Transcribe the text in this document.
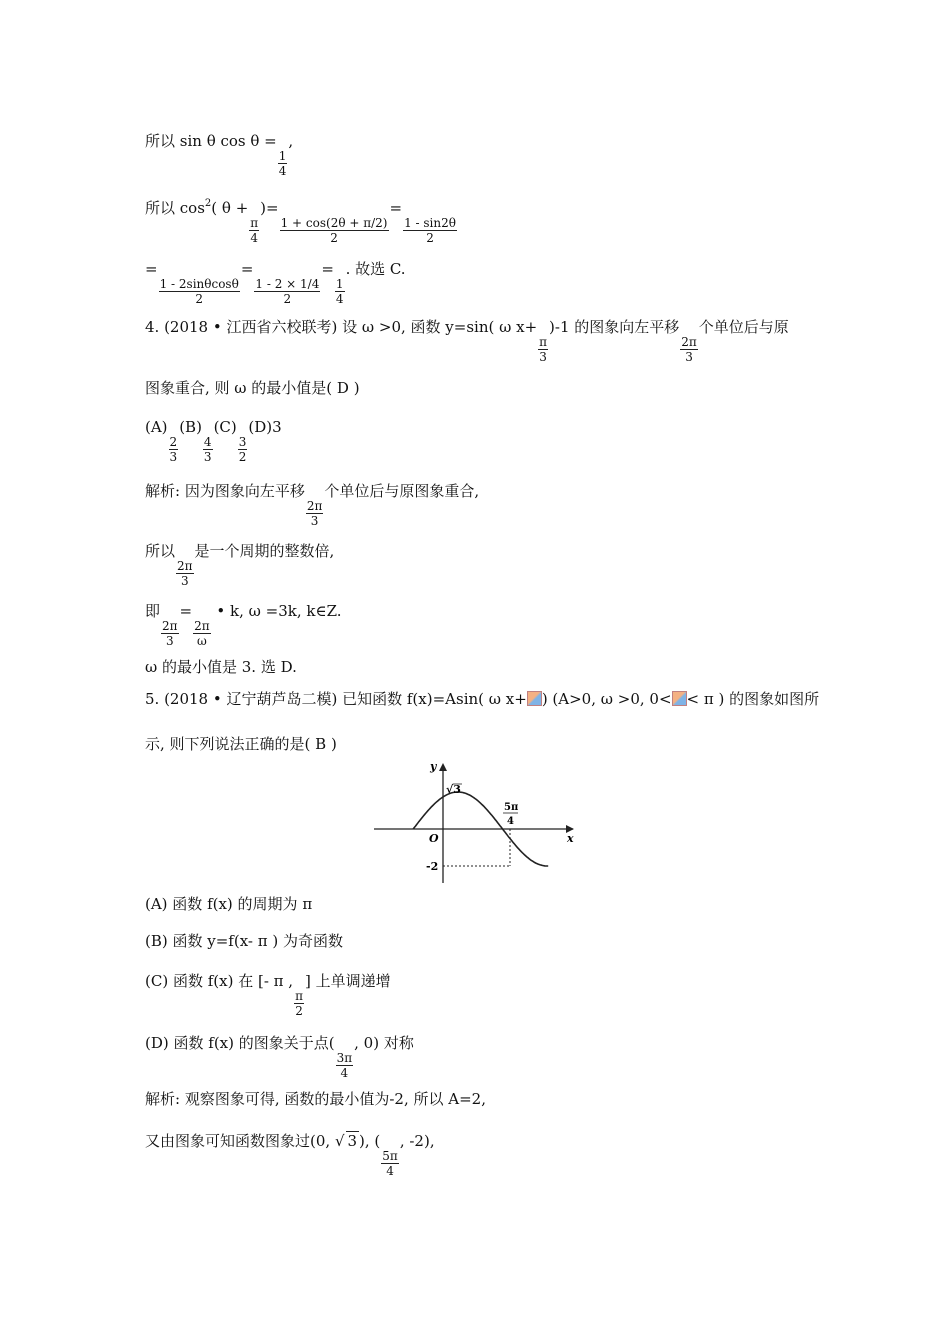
所以 sin θ cos θ =
$\frac{1}{4}$
,
所以 $\cos^2$( θ +
$\frac{\pi}{4}$
)=
$\frac{1 + \cos(2\theta + \pi/2)}{2}$
=
$\frac{1 - \sin 2\theta}{2}$
=
$\frac{1 - 2\sin\theta\cos\theta}{2}$
=
$\frac{1 - 2 \times 1/4}{2}$
=
$\frac{1}{4}$
. 故选 C.
4. (2018 • 江西省六校联考) 设 ω >0, 函数 y=sin( ω x+
$\frac{\pi}{3}$
)-1 的图象向左平移
$\frac{2\pi}{3}$
个单位后与原
图象重合, 则 ω 的最小值是( D )
(A)
$\frac{2}{3}$
(B)
$\frac{4}{3}$
(C)
$\frac{3}{2}$
(D)3
解析: 因为图象向左平移
$\frac{2\pi}{3}$
个单位后与原图象重合,
所以
$\frac{2\pi}{3}$
是一个周期的整数倍,
即
$\frac{2\pi}{3}$
=
$\frac{2\pi}{\omega}$
• k, ω =3k, k∈Z.
ω 的最小值是 3. 选 D.
5. (2018 • 辽宁葫芦岛二模) 已知函数 f(x)=Asin( ω x+ ) (A>0, ω >0, 0< < π ) 的图象如图所
示, 则下列说法正确的是( B )
y
x
O
√3
5π
4
-2
(A) 函数 f(x) 的周期为 π
(B) 函数 y=f(x- π ) 为奇函数
(C) 函数 f(x) 在 [- π ,
$\frac{\pi}{2}$
] 上单调递增
(D) 函数 f(x) 的图象关于点(
$\frac{3\pi}{4}$
, 0) 对称
解析: 观察图象可得, 函数的最小值为-2, 所以 A=2,
又由图象可知函数图象过(0, √ 3 ), (
$\frac{5\pi}{4}$
, -2),
